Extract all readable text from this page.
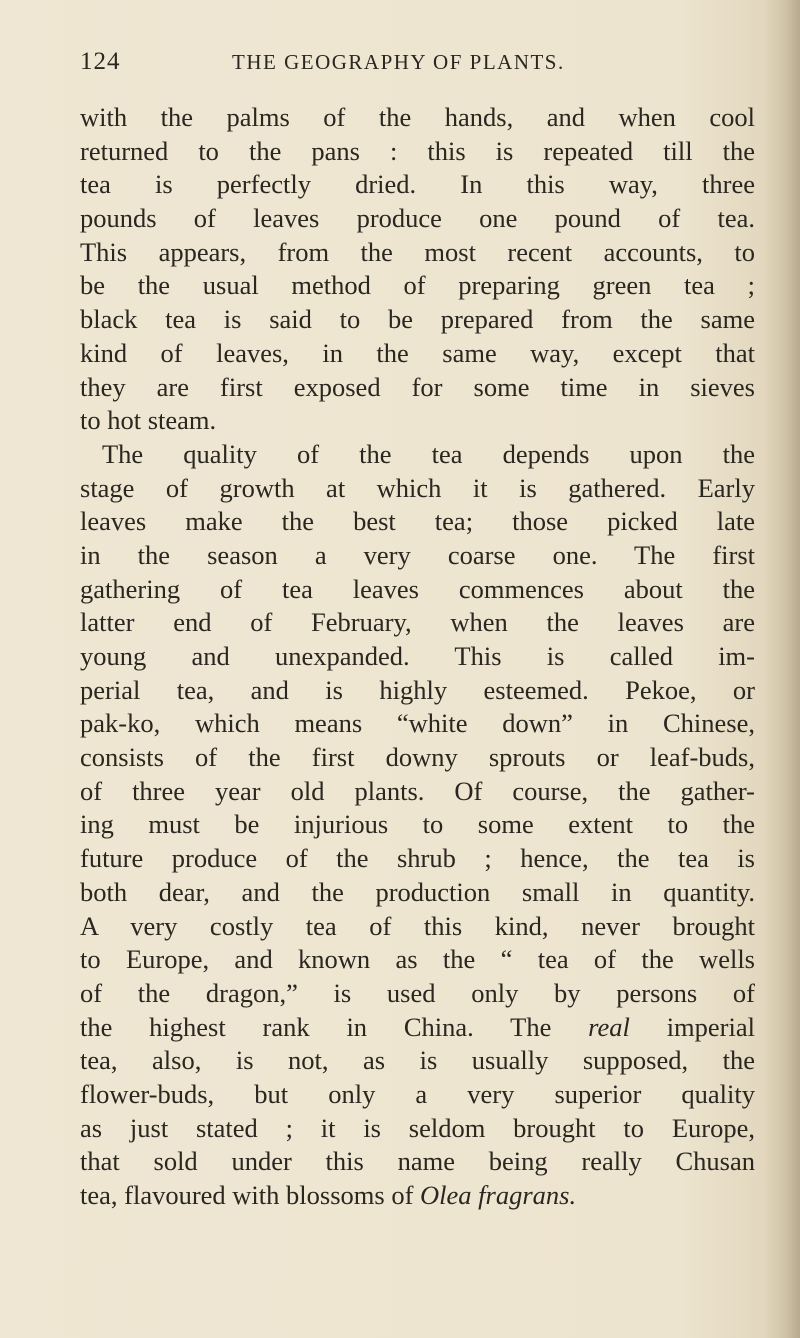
124	THE GEOGRAPHY OF PLANTS.
with the palms of the hands, and when cool
returned to the pans : this is repeated till the
tea is perfectly dried. In this way, three
pounds of leaves produce one pound of tea.
This appears, from the most recent accounts, to
be the usual method of preparing green tea ;
black tea is said to be prepared from the same
kind of leaves, in the same way, except that
they are first exposed for some time in sieves
to hot steam.
The quality of the tea depends upon the
stage of growth at which it is gathered. Early
leaves make the best tea; those picked late
in the season a very coarse one. The first
gathering of tea leaves commences about the
latter end of February, when the leaves are
young and unexpanded. This is called im-
perial tea, and is highly esteemed. Pekoe, or
pak-ko, which means “white down” in Chinese,
consists of the first downy sprouts or leaf-buds,
of three year old plants. Of course, the gather-
ing must be injurious to some extent to the
future produce of the shrub ; hence, the tea is
both dear, and the production small in quantity.
A very costly tea of this kind, never brought
to Europe, and known as the “ tea of the wells
of the dragon,” is used only by persons of
the highest rank in China. The real imperial
tea, also, is not, as is usually supposed, the
flower-buds, but only a very superior quality
as just stated ; it is seldom brought to Europe,
that sold under this name being really Chusan
tea, flavoured with blossoms of Olea fragrans.
